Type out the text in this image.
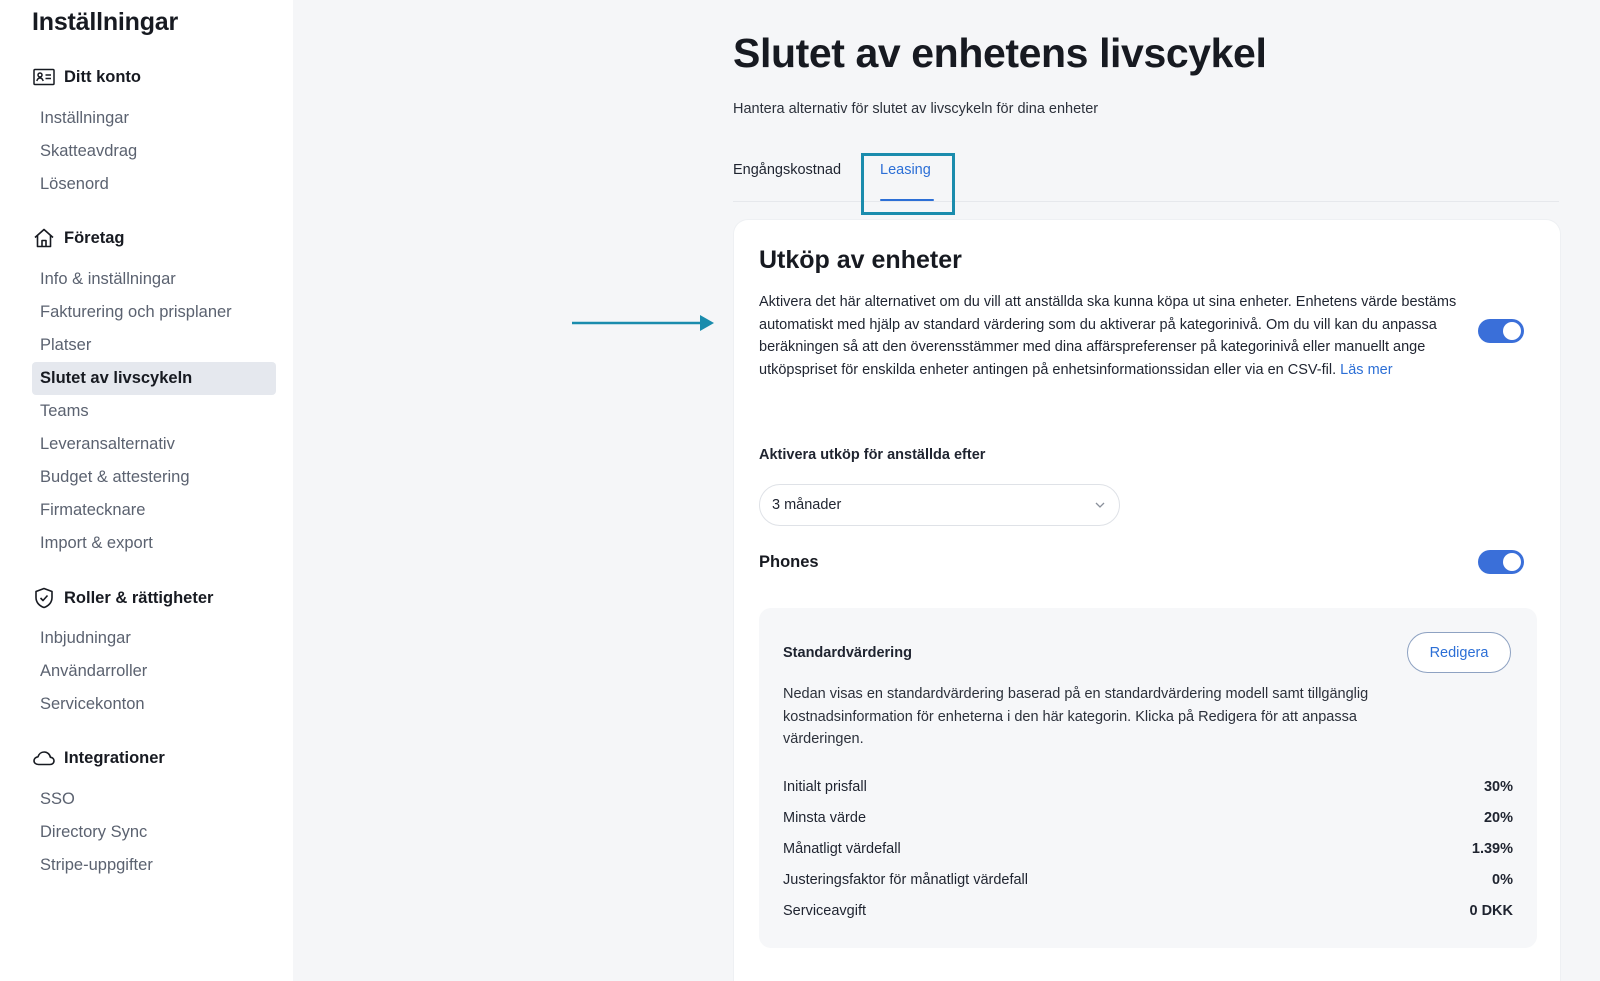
Inställningar
Ditt konto
Inställningar
Skatteavdrag
Lösenord
Företag
Info & inställningar
Fakturering och prisplaner
Platser
Slutet av livscykeln
Teams
Leveransalternativ
Budget & attestering
Firmatecknare
Import & export
Roller & rättigheter
Inbjudningar
Användarroller
Servicekonton
Integrationer
SSO
Directory Sync
Stripe-uppgifter
Slutet av enhetens livscykel
Hantera alternativ för slutet av livscykeln för dina enheter
Engångskostnad	Leasing
Utköp av enheter

Aktivera det här alternativet om du vill att anställda ska kunna köpa ut sina enheter. Enhetens värde bestäms automatiskt med hjälp av standard värdering som du aktiverar på kategorinivå. Om du vill kan du anpassa beräkningen så att den överensstämmer med dina affärspreferenser på kategorinivå eller manuellt ange utköpspriset för enskilda enheter antingen på enhetsinformationssidan eller via en CSV-fil. Läs mer

Aktivera utköp för anställda efter
3 månader
Phones
Standardvärdering	Redigera

Nedan visas en standardvärdering baserad på en standardvärdering modell samt tillgänglig kostnadsinformation för enheterna i den här kategorin. Klicka på Redigera för att anpassa värderingen.

Initialt prisfall	30%
Minsta värde	20%
Månatligt värdefall	1.39%
Justeringsfaktor för månatligt värdefall	0%
Serviceavgift	0 DKK
